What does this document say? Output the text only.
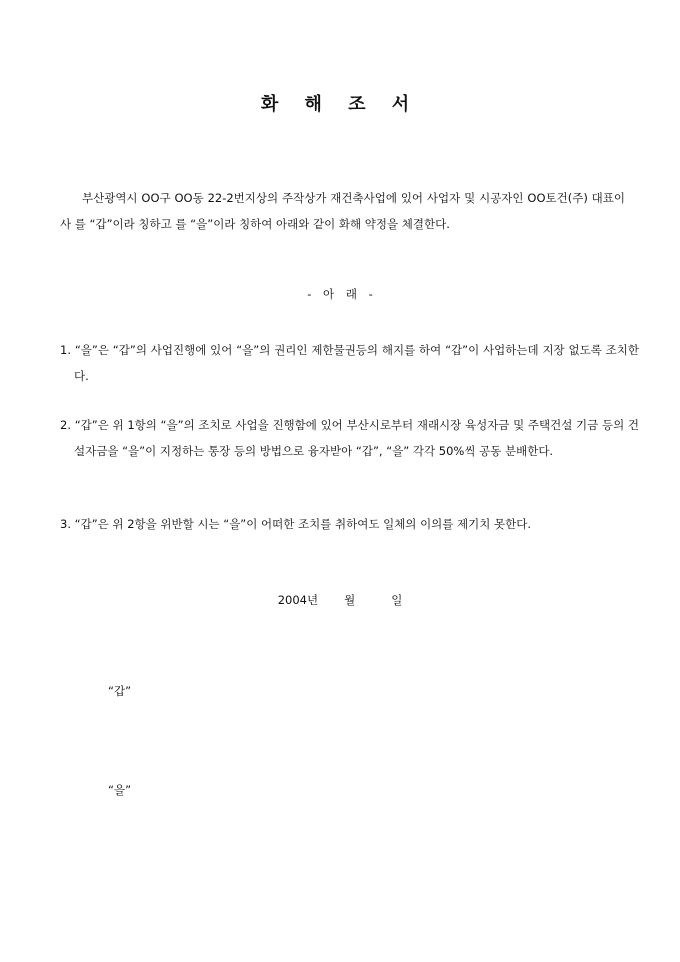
화 해 조 서

부산광역시 OO구 OO동 22-2번지상의 주작상가 재건축사업에 있어 사업자 및 시공자인 OO토건(주) 대표이사 를 “갑”이라 칭하고 를 “을”이라 칭하여 아래와 같이 화해 약정을 체결한다.

- 아 래 -
1. “을”은 “갑”의 사업진행에 있어 “을”의 권리인 제한물권등의 해지를 하여 “갑”이 사업하는데 지장 없도록 조치한다.
2. “갑”은 위 1항의 “을”의 조치로 사업을 진행함에 있어 부산시로부터 재래시장 육성자금 및 주택건설 기금 등의 건설자금을 “을”이 지정하는 통장 등의 방법으로 융자받아 “갑”, “을” 각각 50%씩 공동 분배한다.
3. “갑”은 위 2항을 위반할 시는 “을”이 어떠한 조치를 취하여도 일체의 이의를 제기치 못한다.
2004년 월	일
“갑”
“을”
